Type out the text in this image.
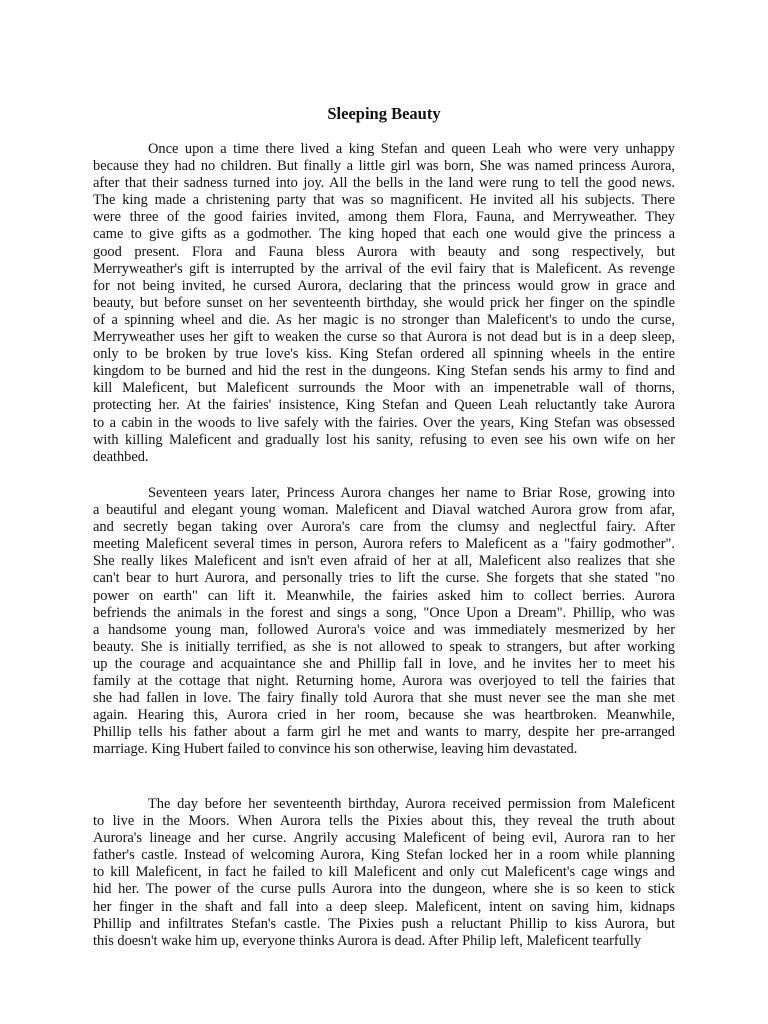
Sleeping Beauty
Once upon a time there lived a king Stefan and queen Leah who were very unhappy
because they had no children. But finally a little girl was born, She was named princess Aurora,
after that their sadness turned into joy. All the bells in the land were rung to tell the good news.
The king made a christening party that was so magnificent. He invited all his subjects. There
were three of the good fairies invited, among them Flora, Fauna, and Merryweather. They
came to give gifts as a godmother. The king hoped that each one would give the princess a
good present. Flora and Fauna bless Aurora with beauty and song respectively, but
Merryweather's gift is interrupted by the arrival of the evil fairy that is Maleficent. As revenge
for not being invited, he cursed Aurora, declaring that the princess would grow in grace and
beauty, but before sunset on her seventeenth birthday, she would prick her finger on the spindle
of a spinning wheel and die. As her magic is no stronger than Maleficent's to undo the curse,
Merryweather uses her gift to weaken the curse so that Aurora is not dead but is in a deep sleep,
only to be broken by true love's kiss. King Stefan ordered all spinning wheels in the entire
kingdom to be burned and hid the rest in the dungeons. King Stefan sends his army to find and
kill Maleficent, but Maleficent surrounds the Moor with an impenetrable wall of thorns,
protecting her. At the fairies' insistence, King Stefan and Queen Leah reluctantly take Aurora
to a cabin in the woods to live safely with the fairies. Over the years, King Stefan was obsessed
with killing Maleficent and gradually lost his sanity, refusing to even see his own wife on her
deathbed.
Seventeen years later, Princess Aurora changes her name to Briar Rose, growing into
a beautiful and elegant young woman. Maleficent and Diaval watched Aurora grow from afar,
and secretly began taking over Aurora's care from the clumsy and neglectful fairy. After
meeting Maleficent several times in person, Aurora refers to Maleficent as a "fairy godmother".
She really likes Maleficent and isn't even afraid of her at all, Maleficent also realizes that she
can't bear to hurt Aurora, and personally tries to lift the curse. She forgets that she stated "no
power on earth" can lift it. Meanwhile, the fairies asked him to collect berries. Aurora
befriends the animals in the forest and sings a song, "Once Upon a Dream". Phillip, who was
a handsome young man, followed Aurora's voice and was immediately mesmerized by her
beauty. She is initially terrified, as she is not allowed to speak to strangers, but after working
up the courage and acquaintance she and Phillip fall in love, and he invites her to meet his
family at the cottage that night. Returning home, Aurora was overjoyed to tell the fairies that
she had fallen in love. The fairy finally told Aurora that she must never see the man she met
again. Hearing this, Aurora cried in her room, because she was heartbroken. Meanwhile,
Phillip tells his father about a farm girl he met and wants to marry, despite her pre-arranged
marriage. King Hubert failed to convince his son otherwise, leaving him devastated.
The day before her seventeenth birthday, Aurora received permission from Maleficent
to live in the Moors. When Aurora tells the Pixies about this, they reveal the truth about
Aurora's lineage and her curse. Angrily accusing Maleficent of being evil, Aurora ran to her
father's castle. Instead of welcoming Aurora, King Stefan locked her in a room while planning
to kill Maleficent, in fact he failed to kill Maleficent and only cut Maleficent's cage wings and
hid her. The power of the curse pulls Aurora into the dungeon, where she is so keen to stick
her finger in the shaft and fall into a deep sleep. Maleficent, intent on saving him, kidnaps
Phillip and infiltrates Stefan's castle. The Pixies push a reluctant Phillip to kiss Aurora, but
this doesn't wake him up, everyone thinks Aurora is dead. After Philip left, Maleficent tearfully
